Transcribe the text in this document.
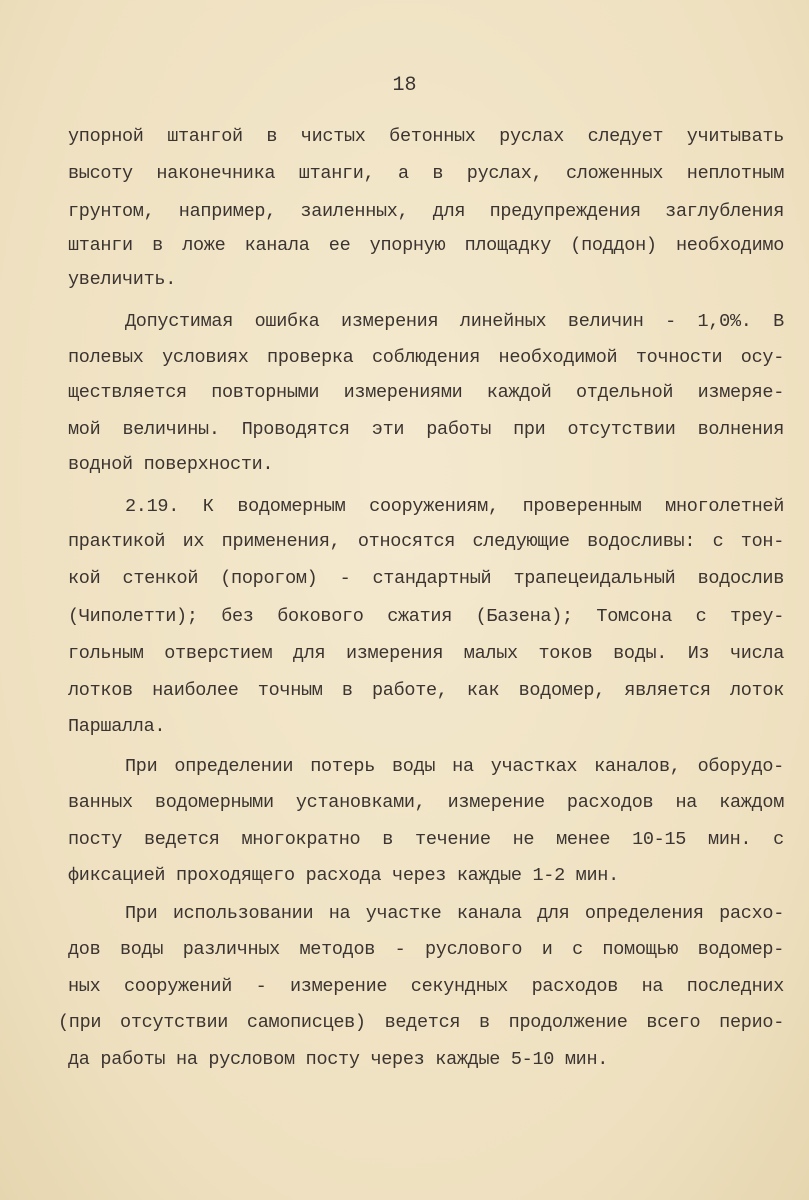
18
упорной штангой в чистых бетонных руслах следует учитывать
высоту наконечника штанги, а в руслах, сложенных неплотным
грунтом, например, заиленных, для предупреждения заглубления
штанги в ложе канала ее упорную площадку (поддон) необходимо
увеличить.
Допустимая ошибка измерения линейных величин - 1,0%. В
полевых условиях проверка соблюдения необходимой точности осу-
ществляется повторными измерениями каждой отдельной измеряе-
мой величины. Проводятся эти работы при отсутствии волнения
водной поверхности.
2.19. К водомерным сооружениям, проверенным многолетней
практикой их применения, относятся следующие водосливы: с тон-
кой стенкой (порогом) - стандартный трапецеидальный водослив
(Чиполетти); без бокового сжатия (Базена); Томсона с треу-
гольным отверстием для измерения малых токов воды. Из числа
лотков наиболее точным в работе, как водомер, является лоток
Паршалла.
При определении потерь воды на участках каналов, оборудо-
ванных водомерными установками, измерение расходов на каждом
посту ведется многократно в течение не менее 10-15 мин. с
фиксацией проходящего расхода через каждые 1-2 мин.
При использовании на участке канала для определения расхо-
дов воды различных методов - руслового и с помощью водомер-
ных сооружений - измерение секундных расходов на последних
(при отсутствии самописцев) ведется в продолжение всего перио-
да работы на русловом посту через каждые 5-10 мин.
